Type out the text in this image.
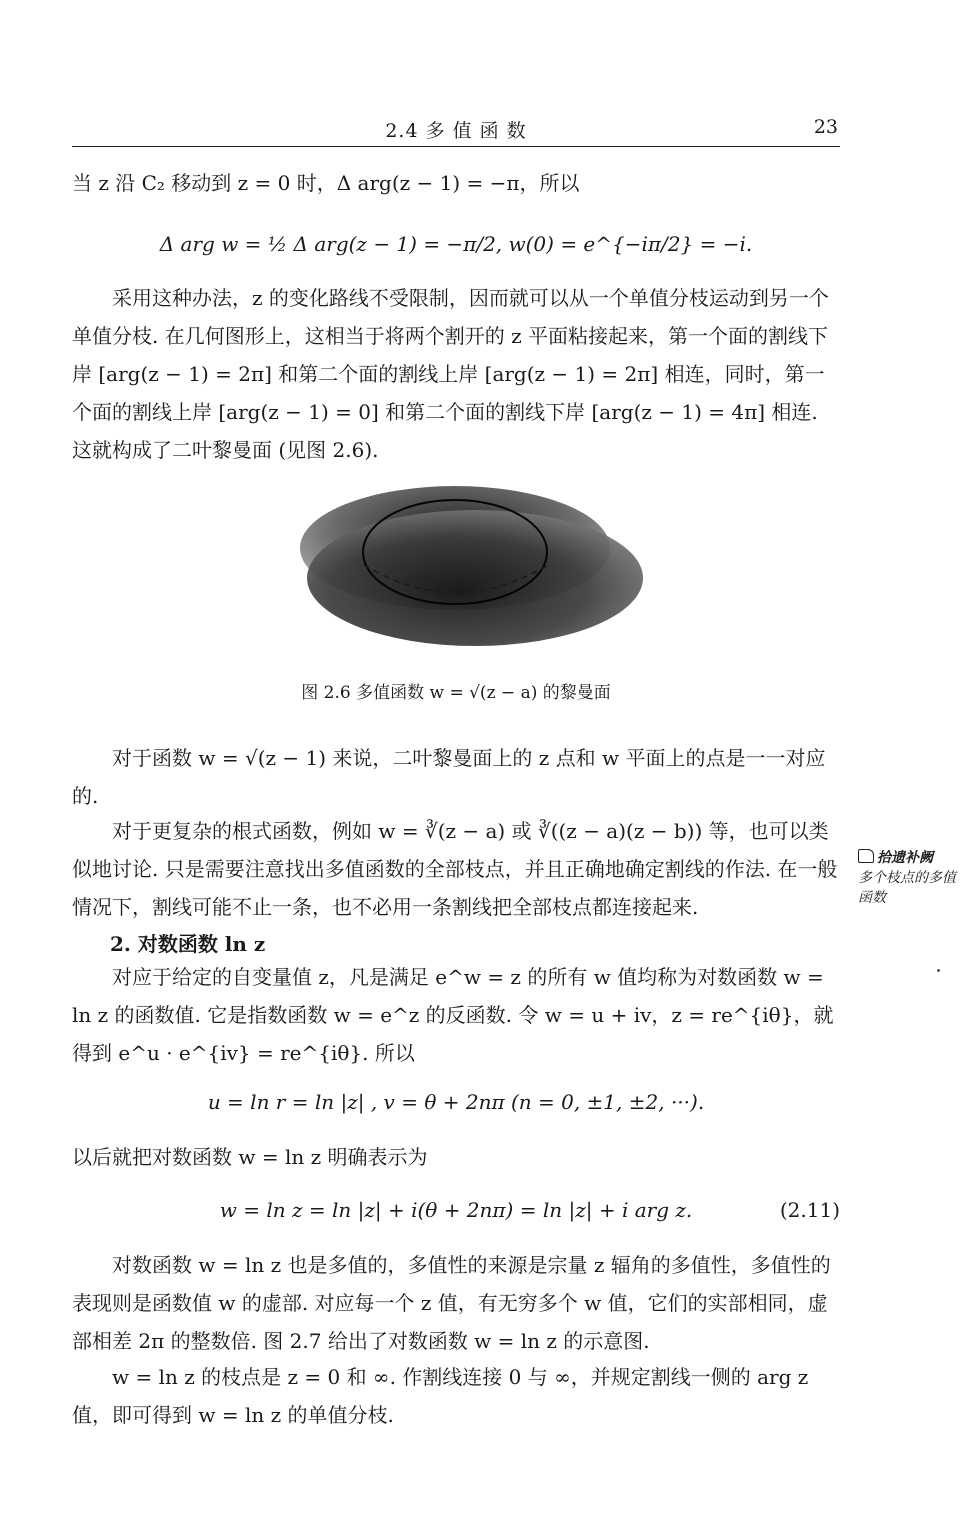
2.4 多 值 函 数	23

当 z 沿 C₂ 移动到 z = 0 时，Δ arg(z − 1) = −π，所以

Δ arg w = ½ Δ arg(z − 1) = −π/2, w(0) = e^{−iπ/2} = −i.

采用这种办法，z 的变化路线不受限制，因而就可以从一个单值分枝运动到另一个单值分枝. 在几何图形上，这相当于将两个割开的 z 平面粘接起来，第一个面的割线下岸 [arg(z − 1) = 2π] 和第二个面的割线上岸 [arg(z − 1) = 2π] 相连，同时，第一个面的割线上岸 [arg(z − 1) = 0] 和第二个面的割线下岸 [arg(z − 1) = 4π] 相连. 这就构成了二叶黎曼面 (见图 2.6).

图 2.6 多值函数 w = √(z − a) 的黎曼面

对于函数 w = √(z − 1) 来说，二叶黎曼面上的 z 点和 w 平面上的点是一一对应的.

对于更复杂的根式函数，例如 w = ∛(z − a) 或 ∛((z − a)(z − b)) 等，也可以类似地讨论. 只是需要注意找出多值函数的全部枝点，并且正确地确定割线的作法. 在一般情况下，割线可能不止一条，也不必用一条割线把全部枝点都连接起来.

拾遗补阙
多个枝点的多值函数

2. 对数函数 ln z

对应于给定的自变量值 z，凡是满足 e^w = z 的所有 w 值均称为对数函数 w = ln z 的函数值. 它是指数函数 w = e^z 的反函数. 令 w = u + iv，z = re^{iθ}，就得到 e^u · e^{iv} = re^{iθ}. 所以

u = ln r = ln |z| , v = θ + 2nπ (n = 0, ±1, ±2, ···).

以后就把对数函数 w = ln z 明确表示为

w = ln z = ln |z| + i(θ + 2nπ) = ln |z| + i arg z.	(2.11)

对数函数 w = ln z 也是多值的，多值性的来源是宗量 z 辐角的多值性，多值性的表现则是函数值 w 的虚部. 对应每一个 z 值，有无穷多个 w 值，它们的实部相同，虚部相差 2π 的整数倍. 图 2.7 给出了对数函数 w = ln z 的示意图.

w = ln z 的枝点是 z = 0 和 ∞. 作割线连接 0 与 ∞，并规定割线一侧的 arg z 值，即可得到 w = ln z 的单值分枝.
